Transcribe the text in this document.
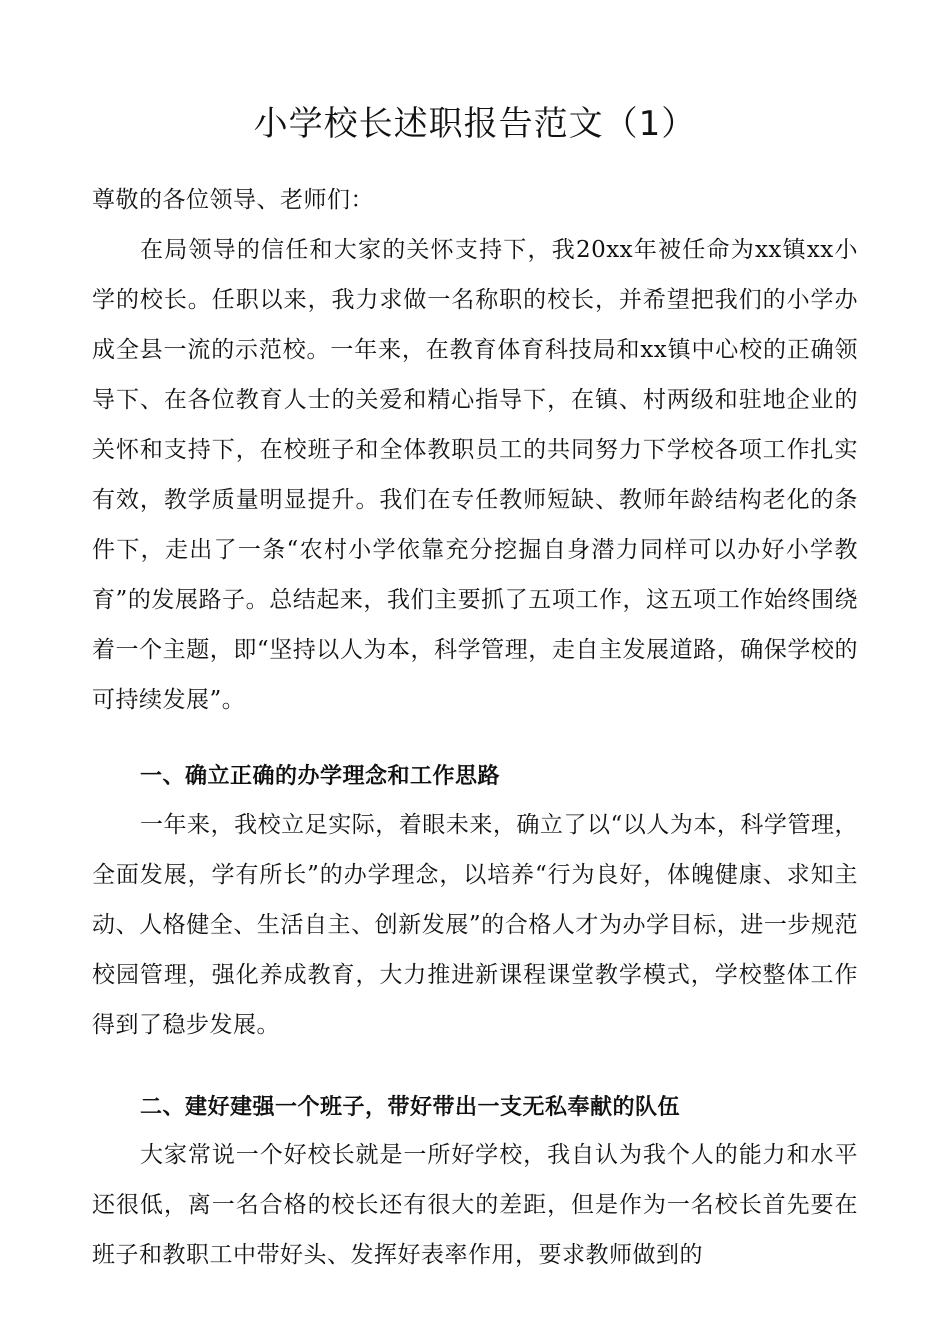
小学校长述职报告范文（1）

尊敬的各位领导、老师们：

在局领导的信任和大家的关怀支持下，我20xx年被任命为xx镇xx小学的校长。任职以来，我力求做一名称职的校长，并希望把我们的小学办成全县一流的示范校。一年来，在教育体育科技局和xx镇中心校的正确领导下、在各位教育人士的关爱和精心指导下，在镇、村两级和驻地企业的关怀和支持下，在校班子和全体教职员工的共同努力下学校各项工作扎实有效，教学质量明显提升。我们在专任教师短缺、教师年龄结构老化的条件下，走出了一条“农村小学依靠充分挖掘自身潜力同样可以办好小学教育”的发展路子。总结起来，我们主要抓了五项工作，这五项工作始终围绕着一个主题，即“坚持以人为本，科学管理，走自主发展道路，确保学校的可持续发展”。

一、确立正确的办学理念和工作思路

一年来，我校立足实际，着眼未来，确立了以“以人为本，科学管理，全面发展，学有所长”的办学理念，以培养“行为良好，体魄健康、求知主动、人格健全、生活自主、创新发展”的合格人才为办学目标，进一步规范校园管理，强化养成教育，大力推进新课程课堂教学模式，学校整体工作得到了稳步发展。

二、建好建强一个班子，带好带出一支无私奉献的队伍

大家常说一个好校长就是一所好学校，我自认为我个人的能力和水平还很低，离一名合格的校长还有很大的差距，但是作为一名校长首先要在班子和教职工中带好头、发挥好表率作用，要求教师做到的
